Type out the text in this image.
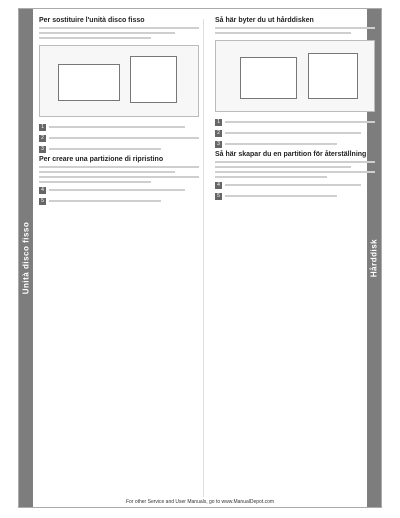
Unità disco fisso	Hårddisk
Per sostituire l'unità disco fisso
1
2
3
Per creare una partizione di ripristino
4
5
Så här byter du ut hårddisken
1
2
3
Så här skapar du en partition för återställning
4
5
For other Service and User Manuals, go to www.ManualDepot.com
